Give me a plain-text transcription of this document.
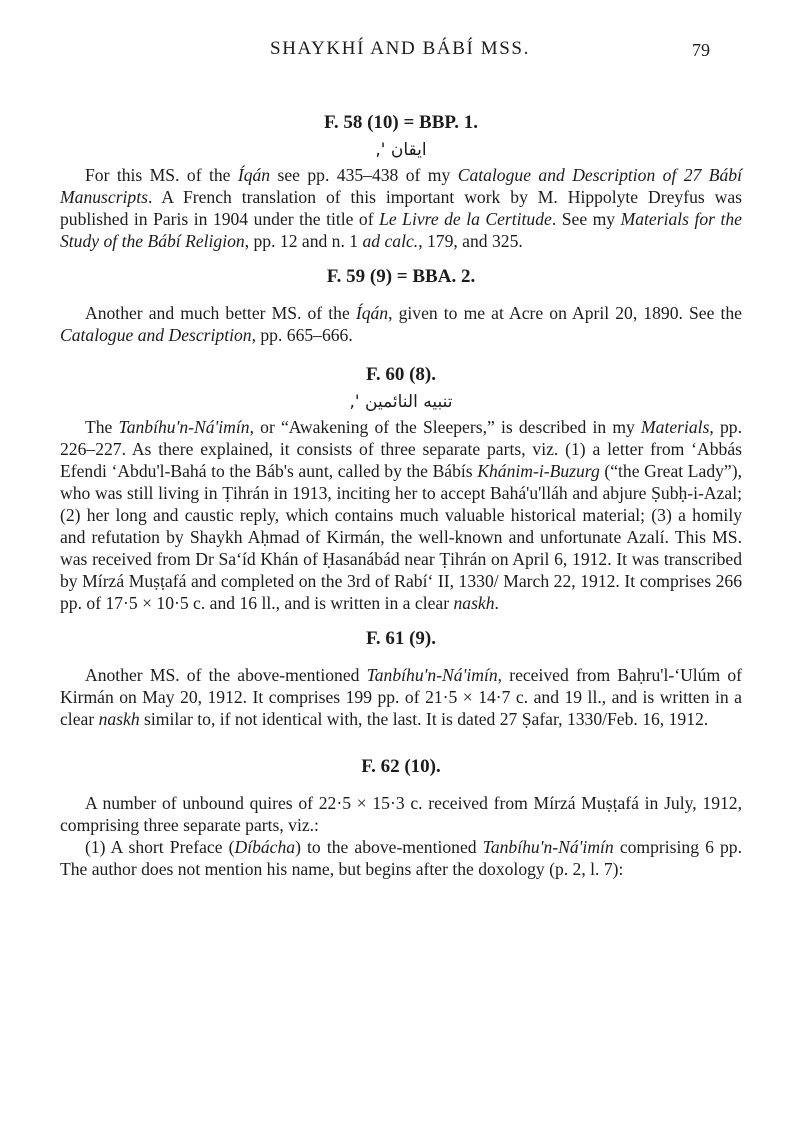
SHAYKHÍ AND BÁBÍ MSS.	79
F. 58 (10) = BBP. 1.
ایقان ',

For this MS. of the Íqán see pp. 435–438 of my Catalogue and Description of 27 Bábí Manuscripts. A French translation of this important work by M. Hippolyte Dreyfus was published in Paris in 1904 under the title of Le Livre de la Certitude. See my Materials for the Study of the Bábí Religion, pp. 12 and n. 1 ad calc., 179, and 325.

F. 59 (9) = BBA. 2.

Another and much better MS. of the Íqán, given to me at Acre on April 20, 1890. See the Catalogue and Description, pp. 665–666.

F. 60 (8).
تنبیه النائمین ',

The Tanbíhu'n-Ná'imín, or “Awakening of the Sleepers,” is described in my Materials, pp. 226–227. As there explained, it consists of three separate parts, viz. (1) a letter from ‘Abbás Efendi ‘Abdu'l-Bahá to the Báb's aunt, called by the Bábís Khánim-i-Buzurg (“the Great Lady”), who was still living in Ṭihrán in 1913, inciting her to accept Bahá'u'lláh and abjure Ṣubḥ-i-Azal; (2) her long and caustic reply, which contains much valuable historical material; (3) a homily and refutation by Shaykh Aḥmad of Kirmán, the well-known and unfortunate Azalí. This MS. was received from Dr Sa‘íd Khán of Ḥasanábád near Ṭihrán on April 6, 1912. It was transcribed by Mírzá Muṣṭafá and completed on the 3rd of Rabí‘ II, 1330/ March 22, 1912. It comprises 266 pp. of 17·5 × 10·5 c. and 16 ll., and is written in a clear naskh.

F. 61 (9).

Another MS. of the above-mentioned Tanbíhu'n-Ná'imín, received from Baḥru'l-‘Ulúm of Kirmán on May 20, 1912. It comprises 199 pp. of 21·5 × 14·7 c. and 19 ll., and is written in a clear naskh similar to, if not identical with, the last. It is dated 27 Ṣafar, 1330/Feb. 16, 1912.

F. 62 (10).

A number of unbound quires of 22·5 × 15·3 c. received from Mírzá Muṣṭafá in July, 1912, comprising three separate parts, viz.:

(1) A short Preface (Díbácha) to the above-mentioned Tanbíhu'n-Ná'imín comprising 6 pp. The author does not mention his name, but begins after the doxology (p. 2, l. 7):
